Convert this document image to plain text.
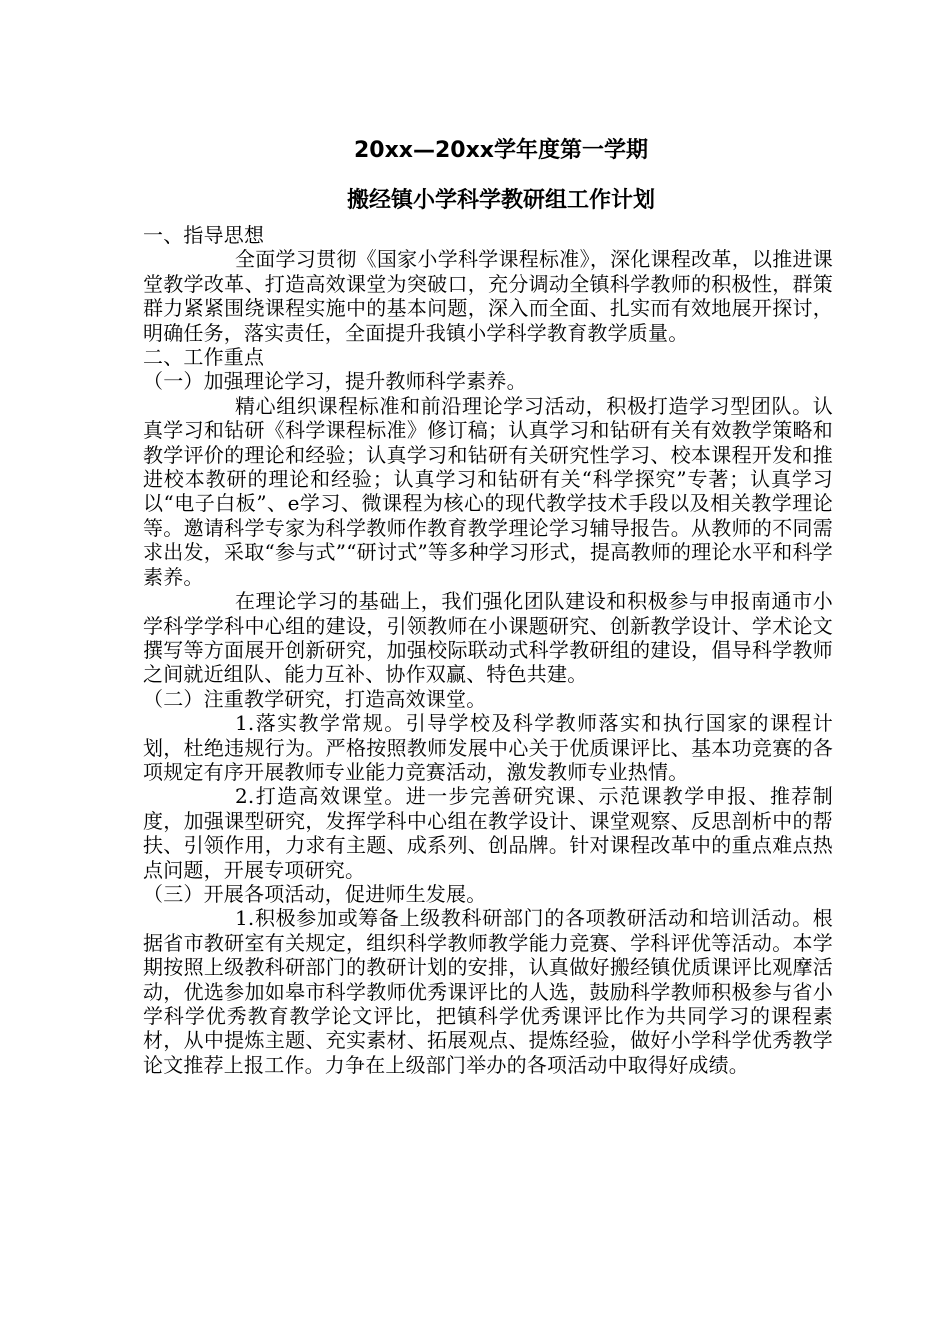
20xx—20xx学年度第一学期
搬经镇小学科学教研组工作计划

一、指导思想

全面学习贯彻《国家小学科学课程标准》，深化课程改革，以推进课堂教学改革、打造高效课堂为突破口，充分调动全镇科学教师的积极性，群策群力紧紧围绕课程实施中的基本问题，深入而全面、扎实而有效地展开探讨，明确任务，落实责任，全面提升我镇小学科学教育教学质量。

二、工作重点

（一）加强理论学习，提升教师科学素养。

精心组织课程标准和前沿理论学习活动，积极打造学习型团队。认真学习和钻研《科学课程标准》修订稿；认真学习和钻研有关有效教学策略和教学评价的理论和经验；认真学习和钻研有关研究性学习、校本课程开发和推进校本教研的理论和经验；认真学习和钻研有关“科学探究”专著；认真学习以“电子白板”、e学习、微课程为核心的现代教学技术手段以及相关教学理论等。邀请科学专家为科学教师作教育教学理论学习辅导报告。从教师的不同需求出发，采取“参与式”“研讨式”等多种学习形式，提高教师的理论水平和科学素养。

在理论学习的基础上，我们强化团队建设和积极参与申报南通市小学科学学科中心组的建设，引领教师在小课题研究、创新教学设计、学术论文撰写等方面展开创新研究，加强校际联动式科学教研组的建设，倡导科学教师之间就近组队、能力互补、协作双赢、特色共建。

（二）注重教学研究，打造高效课堂。

1.落实教学常规。引导学校及科学教师落实和执行国家的课程计划，杜绝违规行为。严格按照教师发展中心关于优质课评比、基本功竞赛的各项规定有序开展教师专业能力竞赛活动，激发教师专业热情。

2.打造高效课堂。进一步完善研究课、示范课教学申报、推荐制度，加强课型研究，发挥学科中心组在教学设计、课堂观察、反思剖析中的帮扶、引领作用，力求有主题、成系列、创品牌。针对课程改革中的重点难点热点问题，开展专项研究。

（三）开展各项活动，促进师生发展。

1.积极参加或筹备上级教科研部门的各项教研活动和培训活动。根据省市教研室有关规定，组织科学教师教学能力竞赛、学科评优等活动。本学期按照上级教科研部门的教研计划的安排，认真做好搬经镇优质课评比观摩活动，优选参加如皋市科学教师优秀课评比的人选，鼓励科学教师积极参与省小学科学优秀教育教学论文评比，把镇科学优秀课评比作为共同学习的课程素材，从中提炼主题、充实素材、拓展观点、提炼经验，做好小学科学优秀教学论文推荐上报工作。力争在上级部门举办的各项活动中取得好成绩。
